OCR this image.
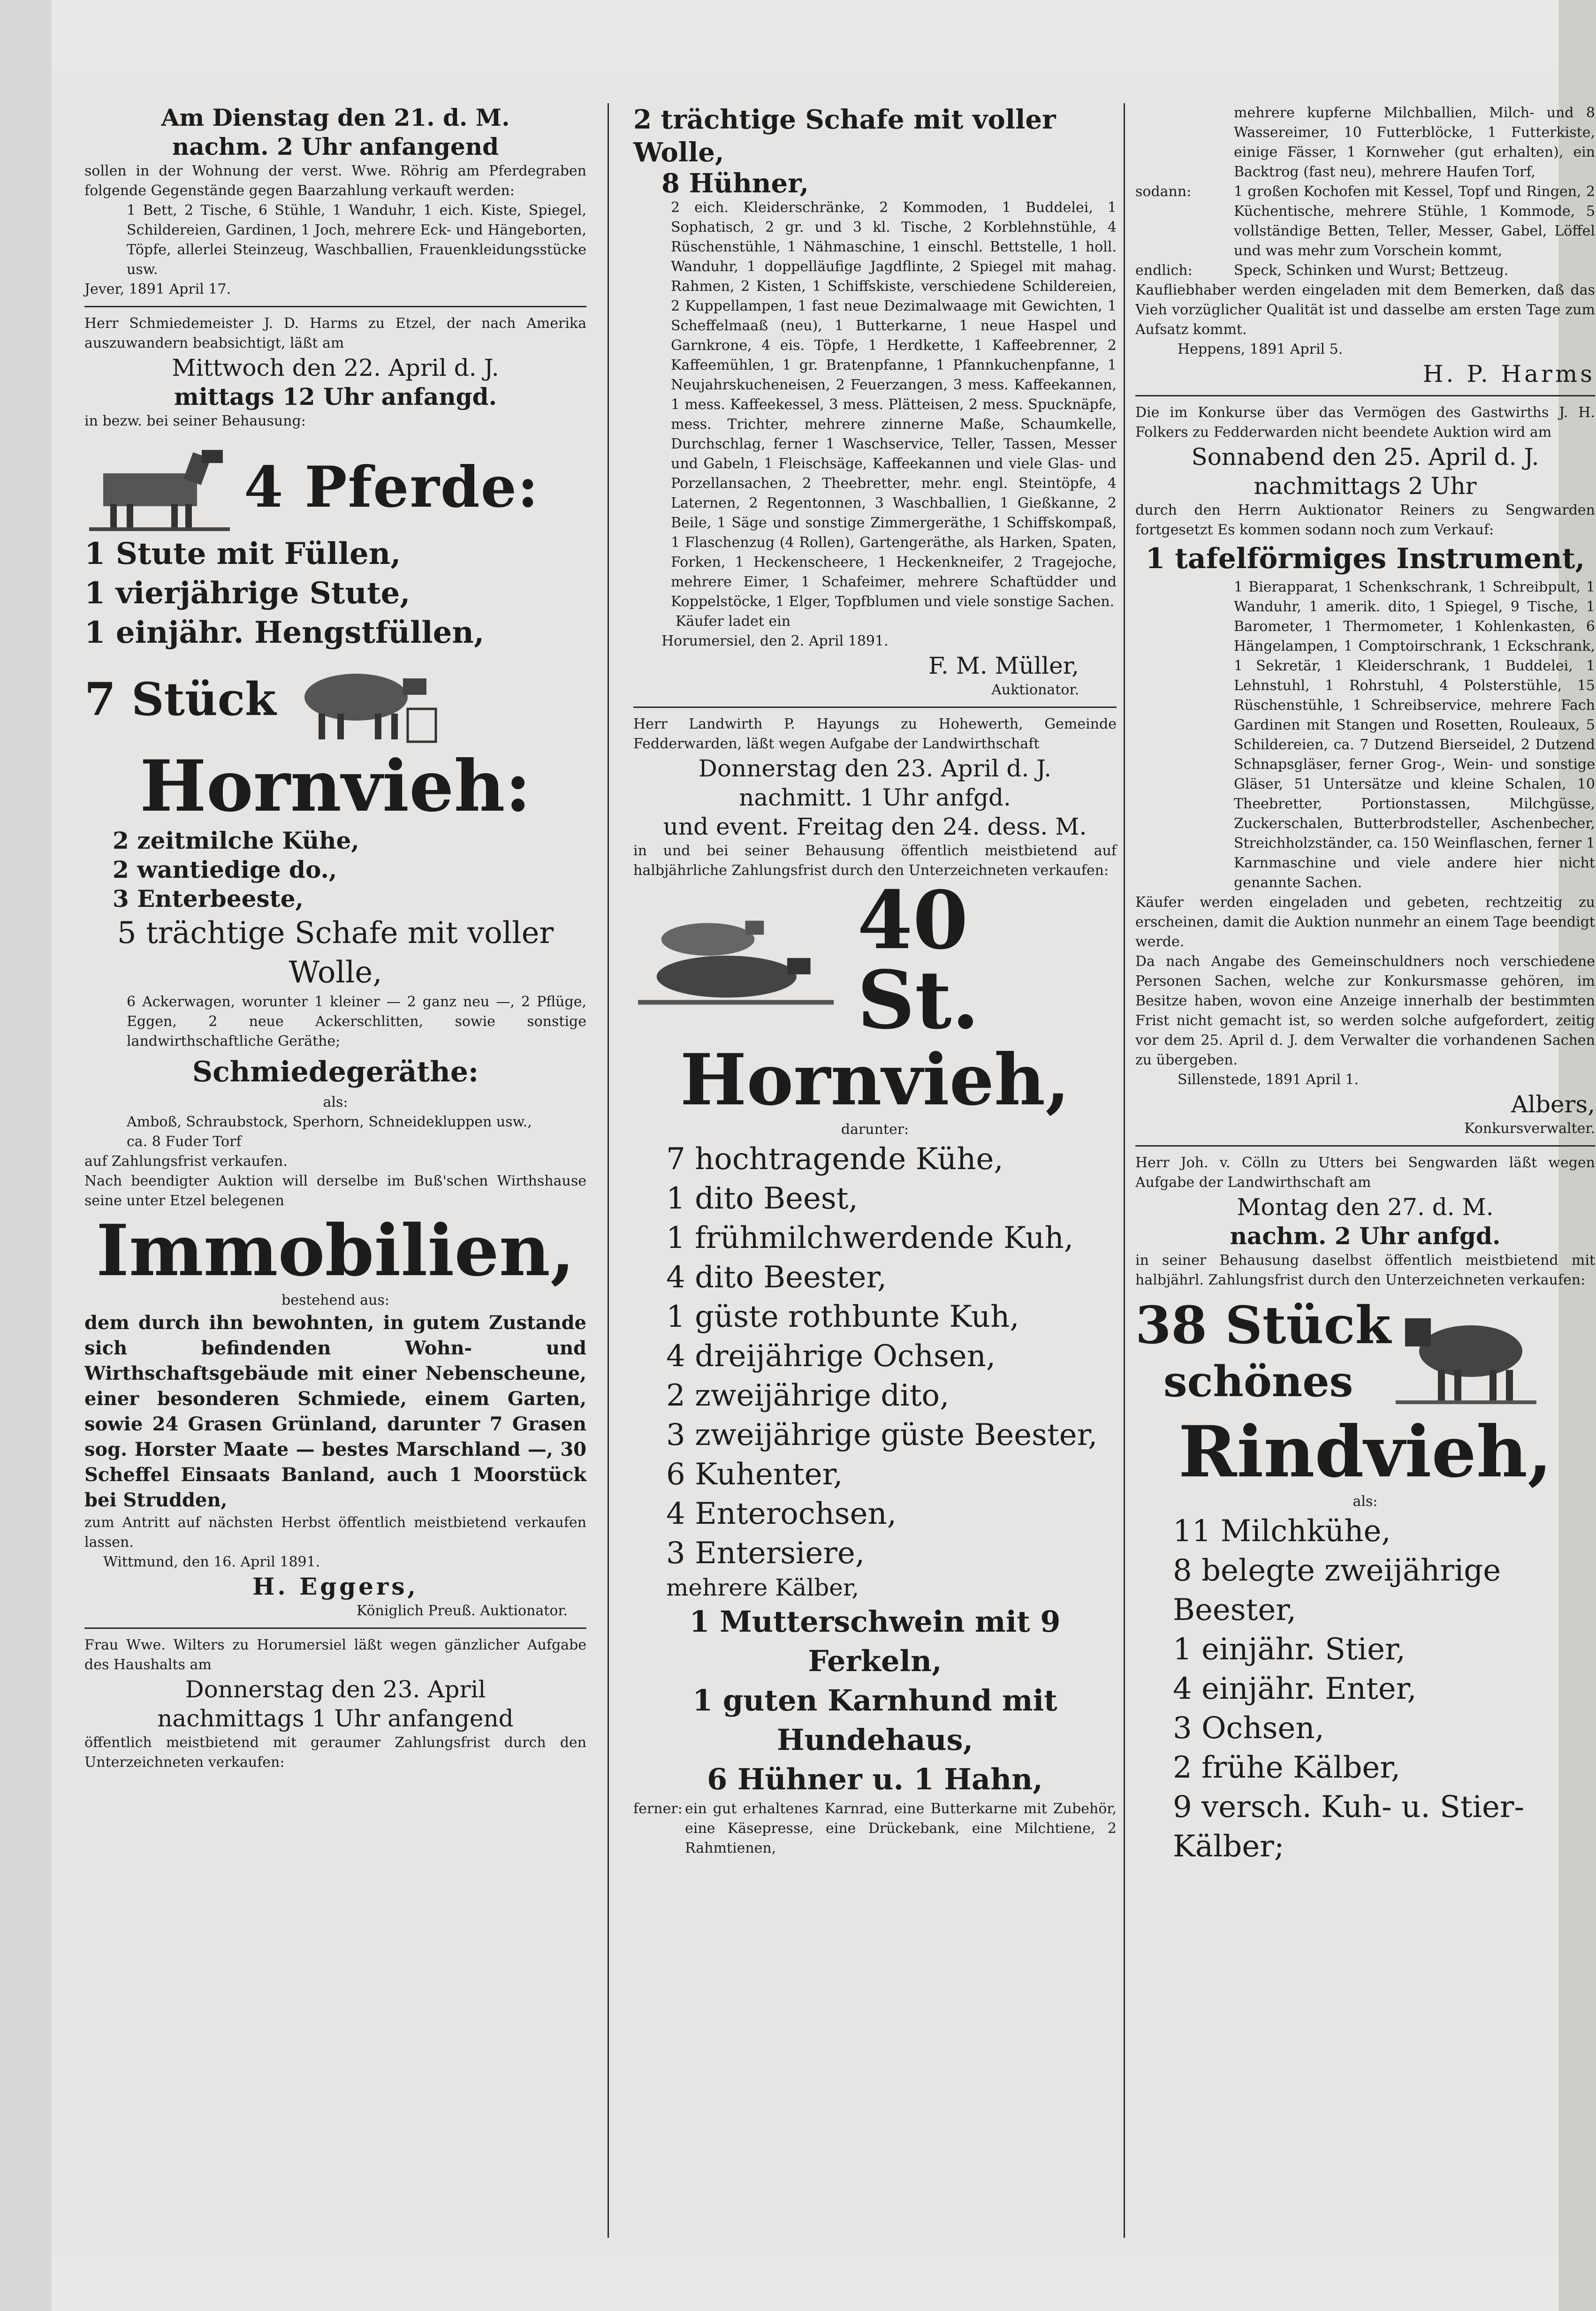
Am Dienstag den 21. d. M.

nachm. 2 Uhr anfangend

sollen in der Wohnung der verst. Wwe. Röhrig am Pferdegraben folgende Gegenstände gegen Baarzahlung verkauft werden:

1 Bett, 2 Tische, 6 Stühle, 1 Wanduhr, 1 eich. Kiste, Spiegel, Schildereien, Gardinen, 1 Joch, mehrere Eck- und Hängeborten, Töpfe, allerlei Steinzeug, Waschballien, Frauenkleidungsstücke usw.

Jever, 1891 April 17.

Herr Schmiedemeister J. D. Harms zu Etzel, der nach Amerika auszuwandern beabsichtigt, läßt am

Mittwoch den 22. April d. J.

mittags 12 Uhr anfangd.

in bezw. bei seiner Behausung:

4 Pferde:

1 Stute mit Füllen,

1 vierjährige Stute,

1 einjähr. Hengstfüllen,

7 Stück

Hornvieh:

2 zeitmilche Kühe,

2 wantiedige do.,

3 Enterbeeste,

5 trächtige Schafe mit voller Wolle,

6 Ackerwagen, worunter 1 kleiner — 2 ganz neu —, 2 Pflüge, Eggen, 2 neue Ackerschlitten, sowie sonstige landwirthschaftliche Geräthe;

Schmiedegeräthe:

als:

Amboß, Schraubstock, Sperhorn, Schneidekluppen usw.,

ca. 8 Fuder Torf

auf Zahlungsfrist verkaufen.

Nach beendigter Auktion will derselbe im Buß'schen Wirthshause seine unter Etzel belegenen

Immobilien,

bestehend aus:

dem durch ihn bewohnten, in gutem Zustande sich befindenden Wohn- und Wirthschaftsgebäude mit einer Nebenscheune, einer besonderen Schmiede, einem Garten, sowie 24 Grasen Grünland, darunter 7 Grasen sog. Horster Maate — bestes Marschland —, 30 Scheffel Einsaats Banland, auch 1 Moorstück bei Strudden,

zum Antritt auf nächsten Herbst öffentlich meistbietend verkaufen lassen.

Wittmund, den 16. April 1891.

H. Eggers,

Königlich Preuß. Auktionator.

Frau Wwe. Wilters zu Horumersiel läßt wegen gänzlicher Aufgabe des Haushalts am

Donnerstag den 23. April

nachmittags 1 Uhr anfangend

öffentlich meistbietend mit geraumer Zahlungsfrist durch den Unterzeichneten verkaufen:

2 trächtige Schafe mit voller Wolle,

8 Hühner,

2 eich. Kleiderschränke, 2 Kommoden, 1 Buddelei, 1 Sophatisch, 2 gr. und 3 kl. Tische, 2 Korblehnstühle, 4 Rüschenstühle, 1 Nähmaschine, 1 einschl. Bettstelle, 1 holl. Wanduhr, 1 doppelläufige Jagdflinte, 2 Spiegel mit mahag. Rahmen, 2 Kisten, 1 Schiffskiste, verschiedene Schildereien, 2 Kuppellampen, 1 fast neue Dezimalwaage mit Gewichten, 1 Scheffelmaaß (neu), 1 Butterkarne, 1 neue Haspel und Garnkrone, 4 eis. Töpfe, 1 Herdkette, 1 Kaffeebrenner, 2 Kaffeemühlen, 1 gr. Bratenpfanne, 1 Pfannkuchenpfanne, 1 Neujahrskucheneisen, 2 Feuerzangen, 3 mess. Kaffeekannen, 1 mess. Kaffeekessel, 3 mess. Plätteisen, 2 mess. Spucknäpfe, mess. Trichter, mehrere zinnerne Maße, Schaumkelle, Durchschlag, ferner 1 Waschservice, Teller, Tassen, Messer und Gabeln, 1 Fleischsäge, Kaffeekannen und viele Glas- und Porzellansachen, 2 Theebretter, mehr. engl. Steintöpfe, 4 Laternen, 2 Regentonnen, 3 Waschballien, 1 Gießkanne, 2 Beile, 1 Säge und sonstige Zimmergeräthe, 1 Schiffskompaß, 1 Flaschenzug (4 Rollen), Gartengeräthe, als Harken, Spaten, Forken, 1 Heckenscheere, 1 Heckenkneifer, 2 Tragejoche, mehrere Eimer, 1 Schafeimer, mehrere Schaftüdder und Koppelstöcke, 1 Elger, Topfblumen und viele sonstige Sachen.

Käufer ladet ein

Horumersiel, den 2. April 1891.

F. M. Müller,

Auktionator.

Herr Landwirth P. Hayungs zu Hohewerth, Gemeinde Fedderwarden, läßt wegen Aufgabe der Landwirthschaft

Donnerstag den 23. April d. J.

nachmitt. 1 Uhr anfgd.

und event. Freitag den 24. dess. M.

in und bei seiner Behausung öffentlich meistbietend auf halbjährliche Zahlungsfrist durch den Unterzeichneten verkaufen:

40 St.

Hornvieh,

darunter:

7 hochtragende Kühe,

1 dito Beest,

1 frühmilchwerdende Kuh,

4 dito Beester,

1 güste rothbunte Kuh,

4 dreijährige Ochsen,

2 zweijährige dito,

3 zweijährige güste Beester,

6 Kuhenter,

4 Enterochsen,

3 Entersiere,

mehrere Kälber,

1 Mutterschwein mit 9 Ferkeln,

1 guten Karnhund mit Hundehaus,

6 Hühner u. 1 Hahn,

ferner: ein gut erhaltenes Karnrad, eine Butterkarne mit Zubehör, eine Käsepresse, eine Drückebank, eine Milchtiene, 2 Rahmtienen,

mehrere kupferne Milchballien, Milch- und 8 Wassereimer, 10 Futterblöcke, 1 Futterkiste, einige Fässer, 1 Kornweher (gut erhalten), ein Backtrog (fast neu), mehrere Haufen Torf,

sodann:	1 großen Kochofen mit Kessel, Topf und Ringen, 2 Küchentische, mehrere Stühle, 1 Kommode, 5 vollständige Betten, Teller, Messer, Gabel, Löffel und was mehr zum Vorschein kommt,
endlich:	Speck, Schinken und Wurst; Bettzeug.

Kaufliebhaber werden eingeladen mit dem Bemerken, daß das Vieh vorzüglicher Qualität ist und dasselbe am ersten Tage zum Aufsatz kommt.

Heppens, 1891 April 5.

H. P. Harms

Die im Konkurse über das Vermögen des Gastwirths J. H. Folkers zu Fedderwarden nicht beendete Auktion wird am

Sonnabend den 25. April d. J.

nachmittags 2 Uhr

durch den Herrn Auktionator Reiners zu Sengwarden fortgesetzt Es kommen sodann noch zum Verkauf:

1 tafelförmiges Instrument,

1 Bierapparat, 1 Schenkschrank, 1 Schreibpult, 1 Wanduhr, 1 amerik. dito, 1 Spiegel, 9 Tische, 1 Barometer, 1 Thermometer, 1 Kohlenkasten, 6 Hängelampen, 1 Comptoirschrank, 1 Eckschrank, 1 Sekretär, 1 Kleiderschrank, 1 Buddelei, 1 Lehnstuhl, 1 Rohrstuhl, 4 Polsterstühle, 15 Rüschenstühle, 1 Schreibservice, mehrere Fach Gardinen mit Stangen und Rosetten, Rouleaux, 5 Schildereien, ca. 7 Dutzend Bierseidel, 2 Dutzend Schnapsgläser, ferner Grog-, Wein- und sonstige Gläser, 51 Untersätze und kleine Schalen, 10 Theebretter, Portionstassen, Milchgüsse, Zuckerschalen, Butterbrodsteller, Aschenbecher, Streichholzständer, ca. 150 Weinflaschen, ferner 1 Karnmaschine und viele andere hier nicht genannte Sachen.

Käufer werden eingeladen und gebeten, rechtzeitig zu erscheinen, damit die Auktion nunmehr an einem Tage beendigt werde.

Da nach Angabe des Gemeinschuldners noch verschiedene Personen Sachen, welche zur Konkursmasse gehören, im Besitze haben, wovon eine Anzeige innerhalb der bestimmten Frist nicht gemacht ist, so werden solche aufgefordert, zeitig vor dem 25. April d. J. dem Verwalter die vorhandenen Sachen zu übergeben.

Sillenstede, 1891 April 1.

Albers,

Konkursverwalter.

Herr Joh. v. Cölln zu Utters bei Sengwarden läßt wegen Aufgabe der Landwirthschaft am

Montag den 27. d. M.

nachm. 2 Uhr anfgd.

in seiner Behausung daselbst öffentlich meistbietend mit halbjährl. Zahlungsfrist durch den Unterzeichneten verkaufen:

38 Stück

schönes

Rindvieh,

als:

11 Milchkühe,

8 belegte zweijährige Beester,

1 einjähr. Stier,

4 einjähr. Enter,

3 Ochsen,

2 frühe Kälber,

9 versch. Kuh- u. Stier-Kälber;
